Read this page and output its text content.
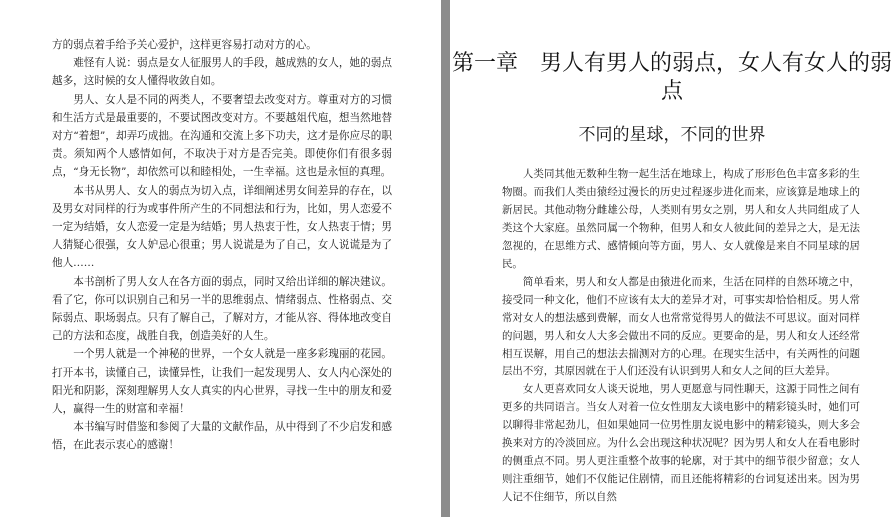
方的弱点着手给予关心爱护，这样更容易打动对方的心。

难怪有人说：弱点是女人征服男人的手段，越成熟的女人，她的弱点越多，这时候的女人懂得收敛自如。

男人、女人是不同的两类人，不要奢望去改变对方。尊重对方的习惯和生活方式是最重要的，不要试图改变对方。不要越俎代庖，想当然地替对方“着想”，却弄巧成拙。在沟通和交流上多下功夫，这才是你应尽的职责。须知两个人感情如何，不取决于对方是否完美。即使你们有很多弱点，“身无长物”，却依然可以和睦相处，一生幸福。这也是永恒的真理。

本书从男人、女人的弱点为切入点，详细阐述男女间差异的存在，以及男女对同样的行为或事件所产生的不同想法和行为，比如，男人恋爱不一定为结婚，女人恋爱一定是为结婚；男人热衷于性，女人热衷于情；男人猜疑心很强，女人妒忌心很重；男人说谎是为了自己，女人说谎是为了他人……

本书剖析了男人女人在各方面的弱点，同时又给出详细的解决建议。看了它，你可以识别自己和另一半的思维弱点、情绪弱点、性格弱点、交际弱点、职场弱点。只有了解自己，了解对方，才能从容、得体地改变自己的方法和态度，战胜自我，创造美好的人生。

一个男人就是一个神秘的世界，一个女人就是一座多彩瑰丽的花园。打开本书，读懂自己，读懂异性，让我们一起发现男人、女人内心深处的阳光和阴影，深刻理解男人女人真实的内心世界，寻找一生中的朋友和爱人，赢得一生的财富和幸福！

本书编写时借鉴和参阅了大量的文献作品，从中得到了不少启发和感悟，在此表示衷心的感谢！

第一章　男人有男人的弱点，女人有女人的弱点
不同的星球，不同的世界

人类同其他无数种生物一起生活在地球上，构成了形形色色丰富多彩的生物圈。而我们人类由猿经过漫长的历史过程逐步进化而来，应该算是地球上的新居民。其他动物分雌雄公母，人类则有男女之别，男人和女人共同组成了人类这个大家庭。虽然同属一个物种，但男人和女人彼此间的差异之大，是无法忽视的，在思维方式、感情倾向等方面，男人、女人就像是来自不同星球的居民。

简单看来，男人和女人都是由猿进化而来，生活在同样的自然环境之中，接受同一种文化，他们不应该有太大的差异才对，可事实却恰恰相反。男人常常对女人的想法感到费解，而女人也常常觉得男人的做法不可思议。面对同样的问题，男人和女人大多会做出不同的反应。更要命的是，男人和女人还经常相互误解，用自己的想法去揣测对方的心理。在现实生活中，有关两性的问题层出不穷，其原因就在于人们还没有认识到男人和女人之间的巨大差异。

女人更喜欢同女人谈天说地，男人更愿意与同性聊天，这源于同性之间有更多的共同语言。当女人对着一位女性朋友大谈电影中的精彩镜头时，她们可以聊得非常起劲儿，但如果她同一位男性朋友说电影中的精彩镜头，则大多会换来对方的冷淡回应。为什么会出现这种状况呢？因为男人和女人在看电影时的侧重点不同。男人更注重整个故事的轮廓，对于其中的细节很少留意；女人则注重细节，她们不仅能记住剧情，而且还能将精彩的台词复述出来。因为男人记不住细节，所以自然
